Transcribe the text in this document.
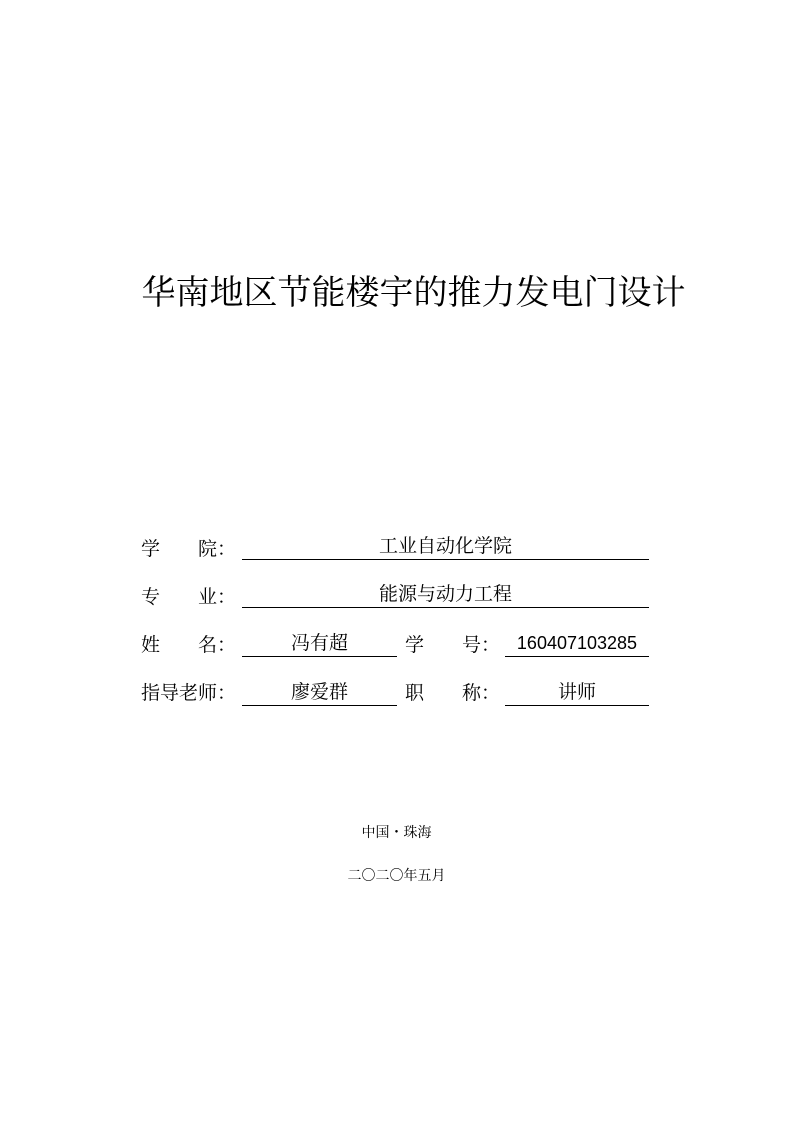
华南地区节能楼宇的推力发电门设计
学　　院：	工业自动化学院
专　　业：	能源与动力工程
姓　　名：	冯有超	学　　号： 160407103285
指导老师：	廖爱群	职　　称：	讲师
中国・珠海
二〇二〇年五月
